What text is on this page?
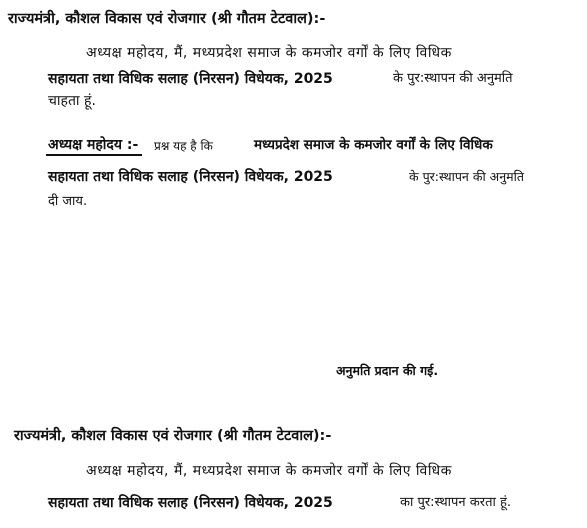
राज्यमंत्री, कौशल विकास एवं रोजगार (श्री गौतम टेटवाल):-
अध्यक्ष महोदय, मैं, मध्यप्रदेश समाज के कमजोर वर्गों के लिए विधिक
सहायता तथा विधिक सलाह (निरसन) विधेयक, 2025	के पुर:स्थापन की अनुमति
चाहता हूं.
अध्यक्ष महोदय :- प्रश्न यह है कि	मध्यप्रदेश समाज के कमजोर वर्गों के लिए विधिक
सहायता तथा विधिक सलाह (निरसन) विधेयक, 2025	के पुर:स्थापन की अनुमति
दी जाय.
अनुमति प्रदान की गई.
राज्यमंत्री, कौशल विकास एवं रोजगार (श्री गौतम टेटवाल):-
अध्यक्ष महोदय, मैं, मध्यप्रदेश समाज के कमजोर वर्गों के लिए विधिक
सहायता तथा विधिक सलाह (निरसन) विधेयक, 2025	का पुर:स्थापन करता हूं.
